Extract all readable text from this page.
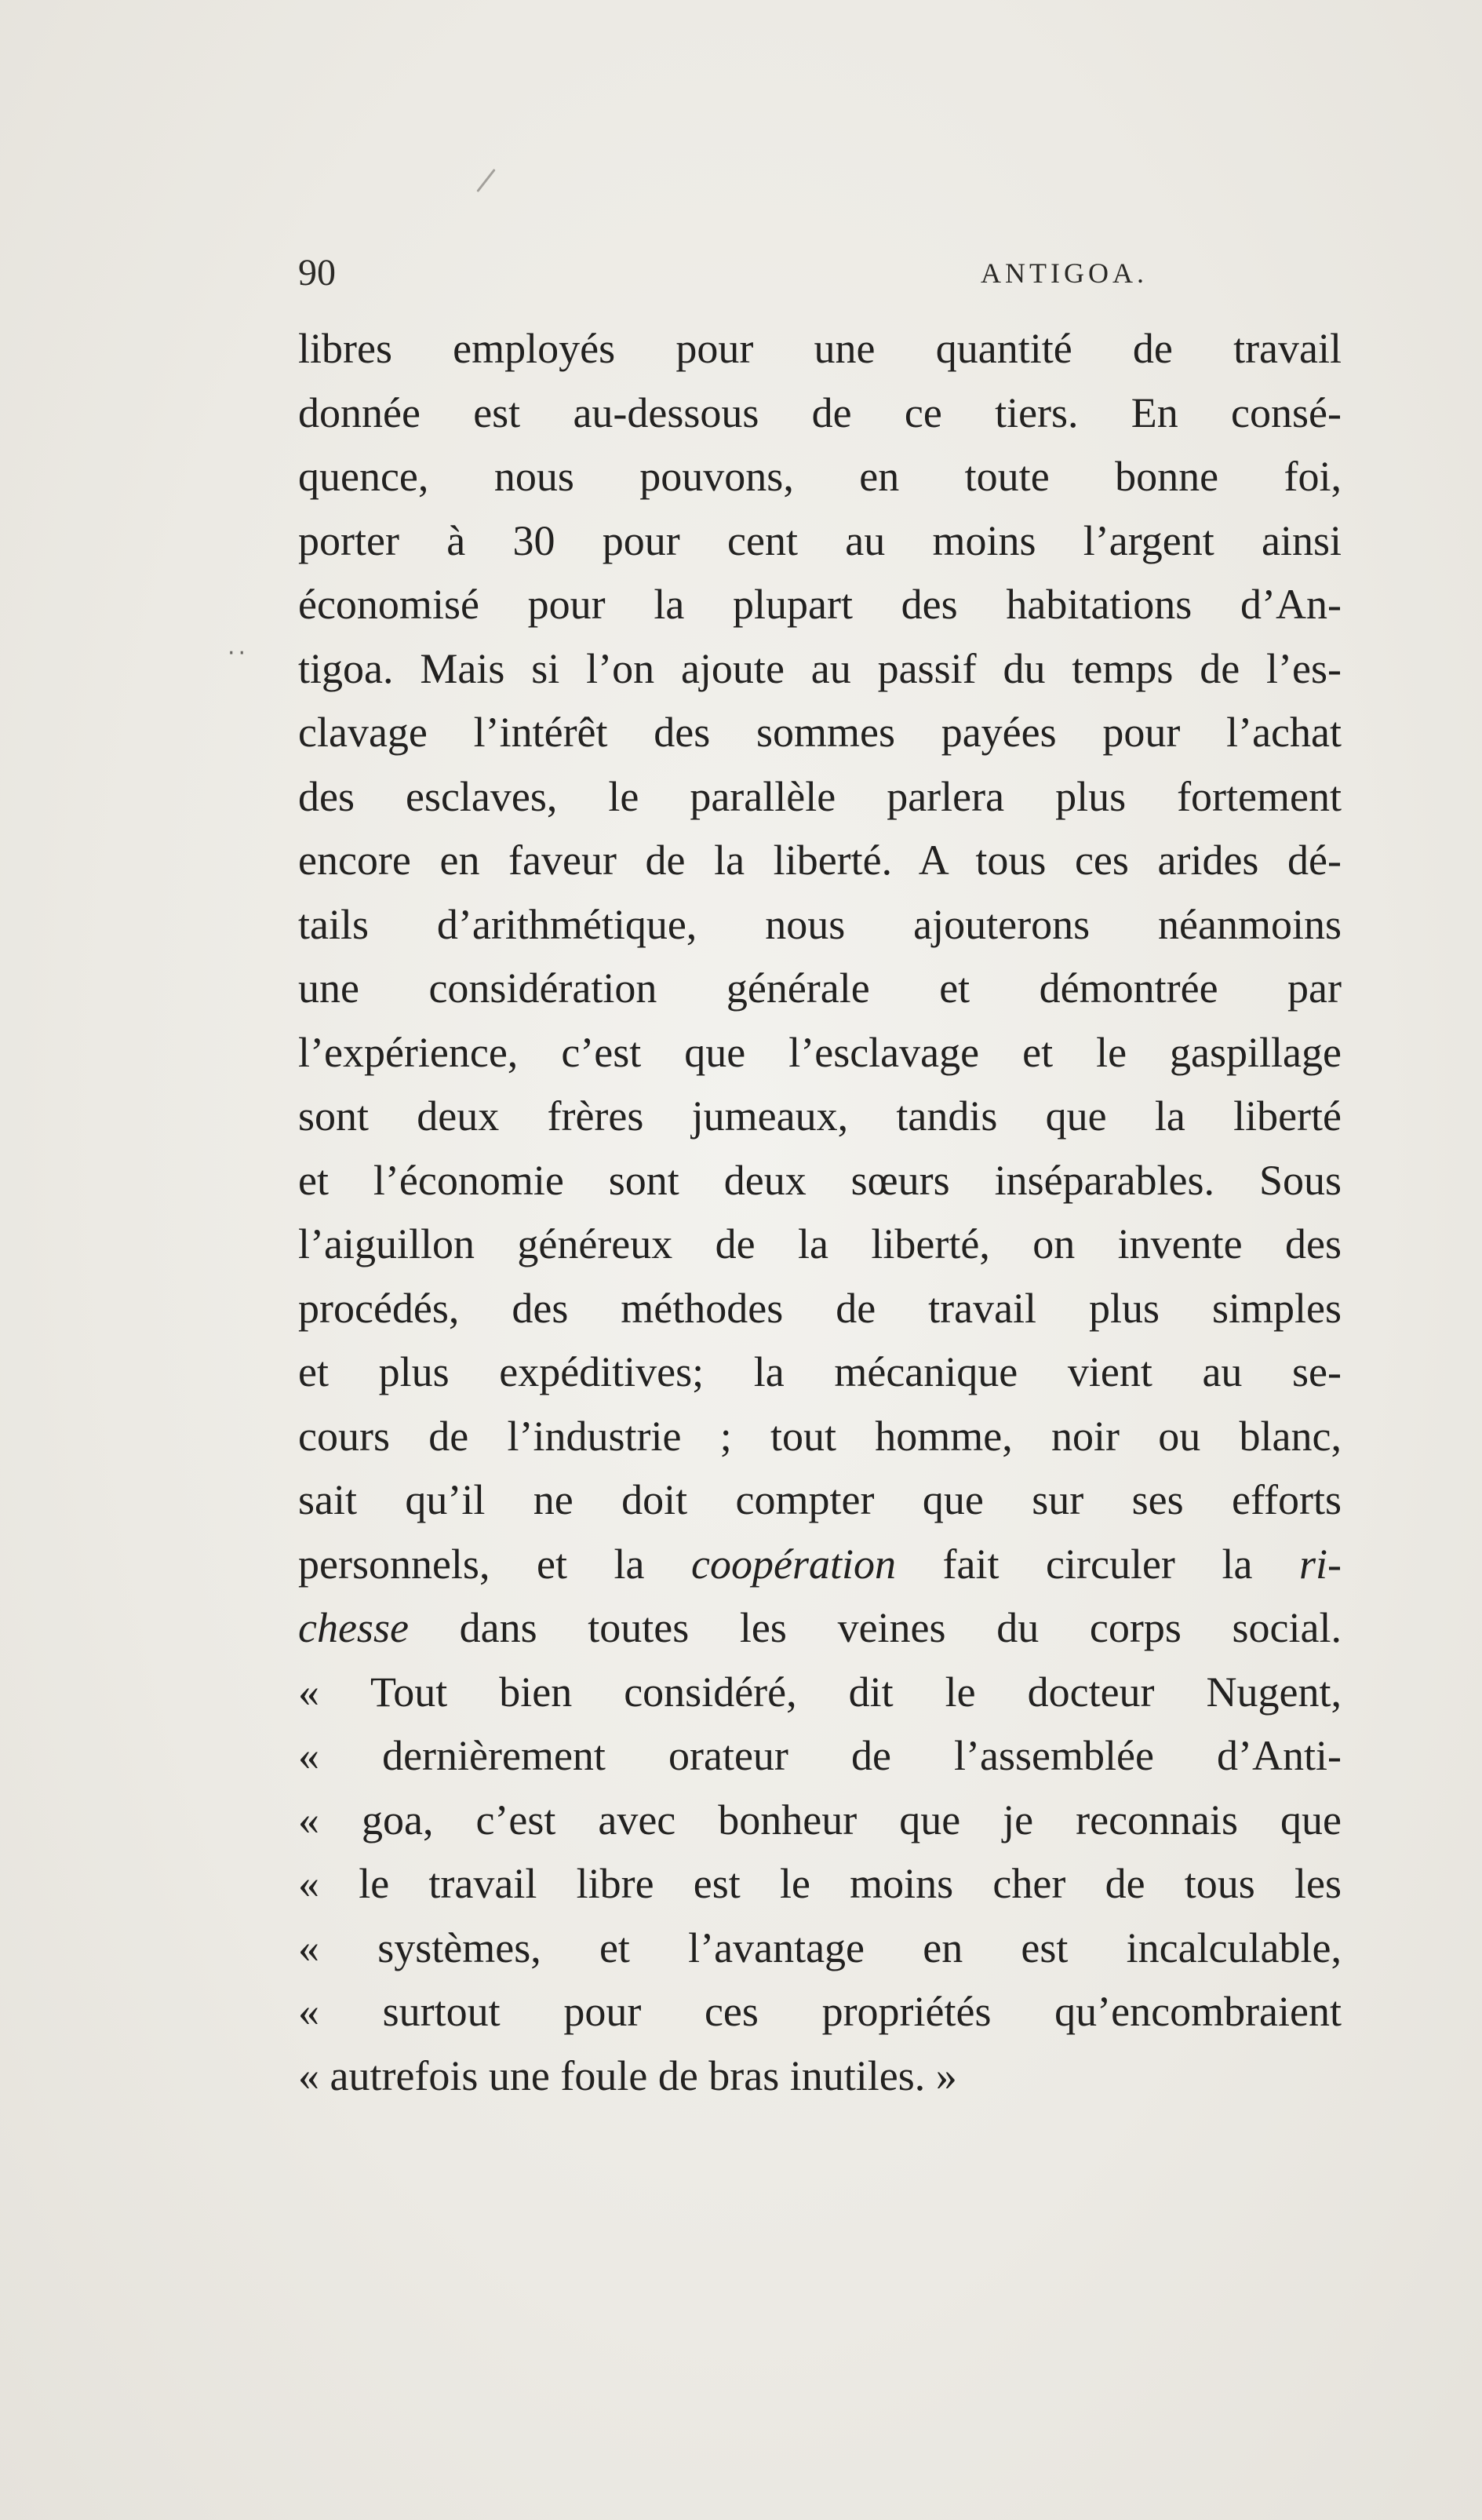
··
90	ANTIGOA.
libres employés pour une quantité de travail
donnée est au-dessous de ce tiers. En consé-
quence, nous pouvons, en toute bonne foi,
porter à 30 pour cent au moins l’argent ainsi
économisé pour la plupart des habitations d’An-
tigoa. Mais si l’on ajoute au passif du temps de l’es-
clavage l’intérêt des sommes payées pour l’achat
des esclaves, le parallèle parlera plus fortement
encore en faveur de la liberté. A tous ces arides dé-
tails d’arithmétique, nous ajouterons néanmoins
une considération générale et démontrée par
l’expérience, c’est que l’esclavage et le gaspillage
sont deux frères jumeaux, tandis que la liberté
et l’économie sont deux sœurs inséparables. Sous
l’aiguillon généreux de la liberté, on invente des
procédés, des méthodes de travail plus simples
et plus expéditives; la mécanique vient au se-
cours de l’industrie ; tout homme, noir ou blanc,
sait qu’il ne doit compter que sur ses efforts
personnels, et la coopération fait circuler la ri-
chesse dans toutes les veines du corps social.
« Tout bien considéré, dit le docteur Nugent,
« dernièrement orateur de l’assemblée d’Anti-
« goa, c’est avec bonheur que je reconnais que
« le travail libre est le moins cher de tous les
« systèmes, et l’avantage en est incalculable,
« surtout pour ces propriétés qu’encombraient
« autrefois une foule de bras inutiles. »
